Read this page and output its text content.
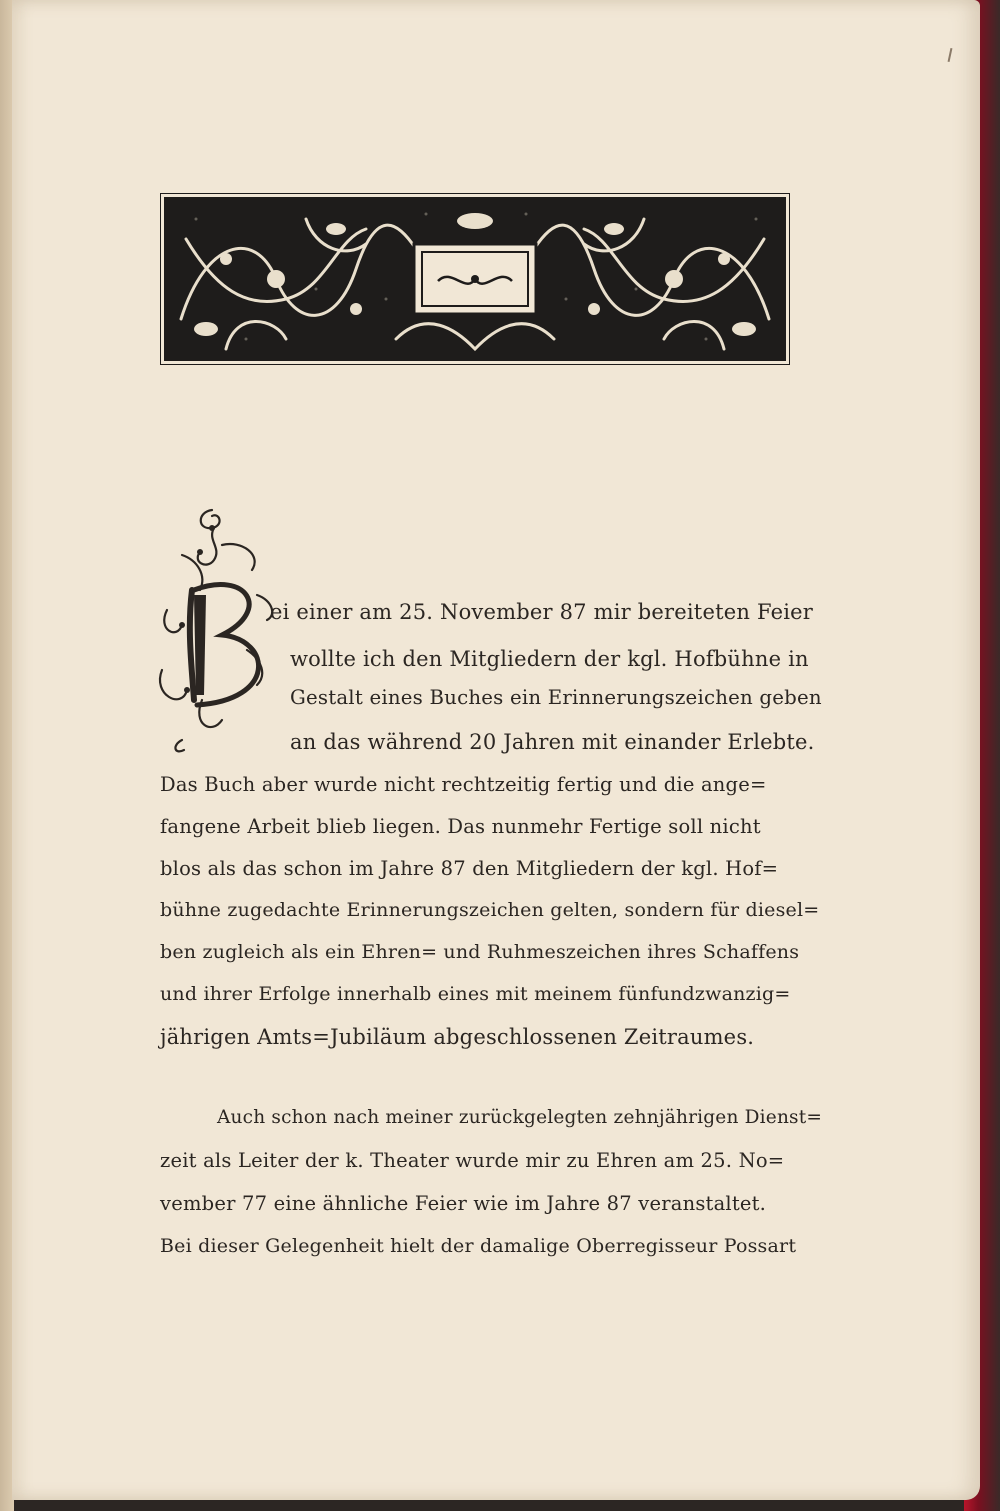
ei einer am 25. November 87 mir bereiteten Feier
wollte ich den Mitgliedern der kgl. Hofbühne in
Gestalt eines Buches ein Erinnerungszeichen geben
an das während 20 Jahren mit einander Erlebte.
Das Buch aber wurde nicht rechtzeitig fertig und die ange=
fangene Arbeit blieb liegen. Das nunmehr Fertige soll nicht
blos als das schon im Jahre 87 den Mitgliedern der kgl. Hof=
bühne zugedachte Erinnerungszeichen gelten, sondern für diesel=
ben zugleich als ein Ehren= und Ruhmeszeichen ihres Schaffens
und ihrer Erfolge innerhalb eines mit meinem fünfundzwanzig=
jährigen Amts=Jubiläum abgeschlossenen Zeitraumes.
Auch schon nach meiner zurückgelegten zehnjährigen Dienst=
zeit als Leiter der k. Theater wurde mir zu Ehren am 25. No=
vember 77 eine ähnliche Feier wie im Jahre 87 veranstaltet.
Bei dieser Gelegenheit hielt der damalige Oberregisseur Possart
